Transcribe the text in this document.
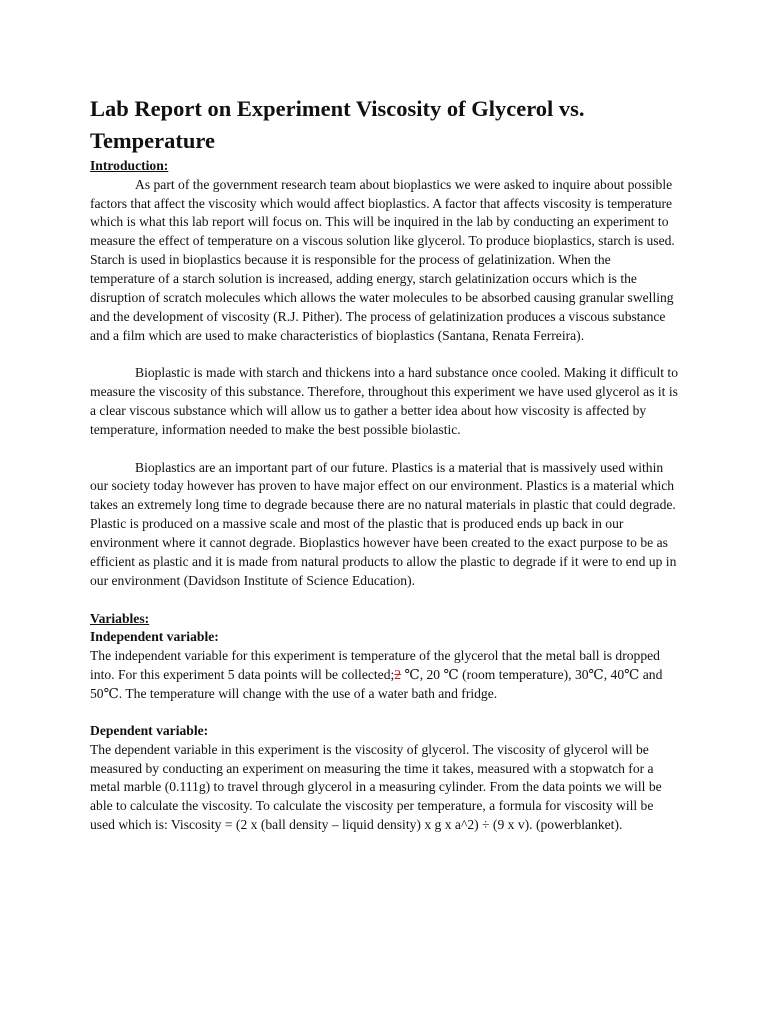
Lab Report on Experiment Viscosity of Glycerol vs. Temperature
Introduction:

As part of the government research team about bioplastics we were asked to inquire about possible factors that affect the viscosity which would affect bioplastics. A factor that affects viscosity is temperature which is what this lab report will focus on. This will be inquired in the lab by conducting an experiment to measure the effect of temperature on a viscous solution like glycerol. To produce bioplastics, starch is used. Starch is used in bioplastics because it is responsible for the process of gelatinization. When the temperature of a starch solution is increased, adding energy, starch gelatinization occurs which is the disruption of scratch molecules which allows the water molecules to be absorbed causing granular swelling and the development of viscosity (R.J. Pither). The process of gelatinization produces a viscous substance and a film which are used to make characteristics of bioplastics (Santana, Renata Ferreira).

Bioplastic is made with starch and thickens into a hard substance once cooled. Making it difficult to measure the viscosity of this substance. Therefore, throughout this experiment we have used glycerol as it is a clear viscous substance which will allow us to gather a better idea about how viscosity is affected by temperature, information needed to make the best possible biolastic.

Bioplastics are an important part of our future. Plastics is a material that is massively used within our society today however has proven to have major effect on our environment. Plastics is a material which takes an extremely long time to degrade because there are no natural materials in plastic that could degrade. Plastic is produced on a massive scale and most of the plastic that is produced ends up back in our environment where it cannot degrade. Bioplastics however have been created to the exact purpose to be as efficient as plastic and it is made from natural products to allow the plastic to degrade if it were to end up in our environment (Davidson Institute of Science Education).

Variables:
Independent variable:

The independent variable for this experiment is temperature of the glycerol that the metal ball is dropped into. For this experiment 5 data points will be collected;2 ℃, 20 ℃ (room temperature), 30℃, 40℃ and 50℃. The temperature will change with the use of a water bath and fridge.

Dependent variable:

The dependent variable in this experiment is the viscosity of glycerol. The viscosity of glycerol will be measured by conducting an experiment on measuring the time it takes, measured with a stopwatch for a metal marble (0.111g) to travel through glycerol in a measuring cylinder. From the data points we will be able to calculate the viscosity. To calculate the viscosity per temperature, a formula for viscosity will be used which is: Viscosity = (2 x (ball density – liquid density) x g x a^2) ÷ (9 x v). (powerblanket).
